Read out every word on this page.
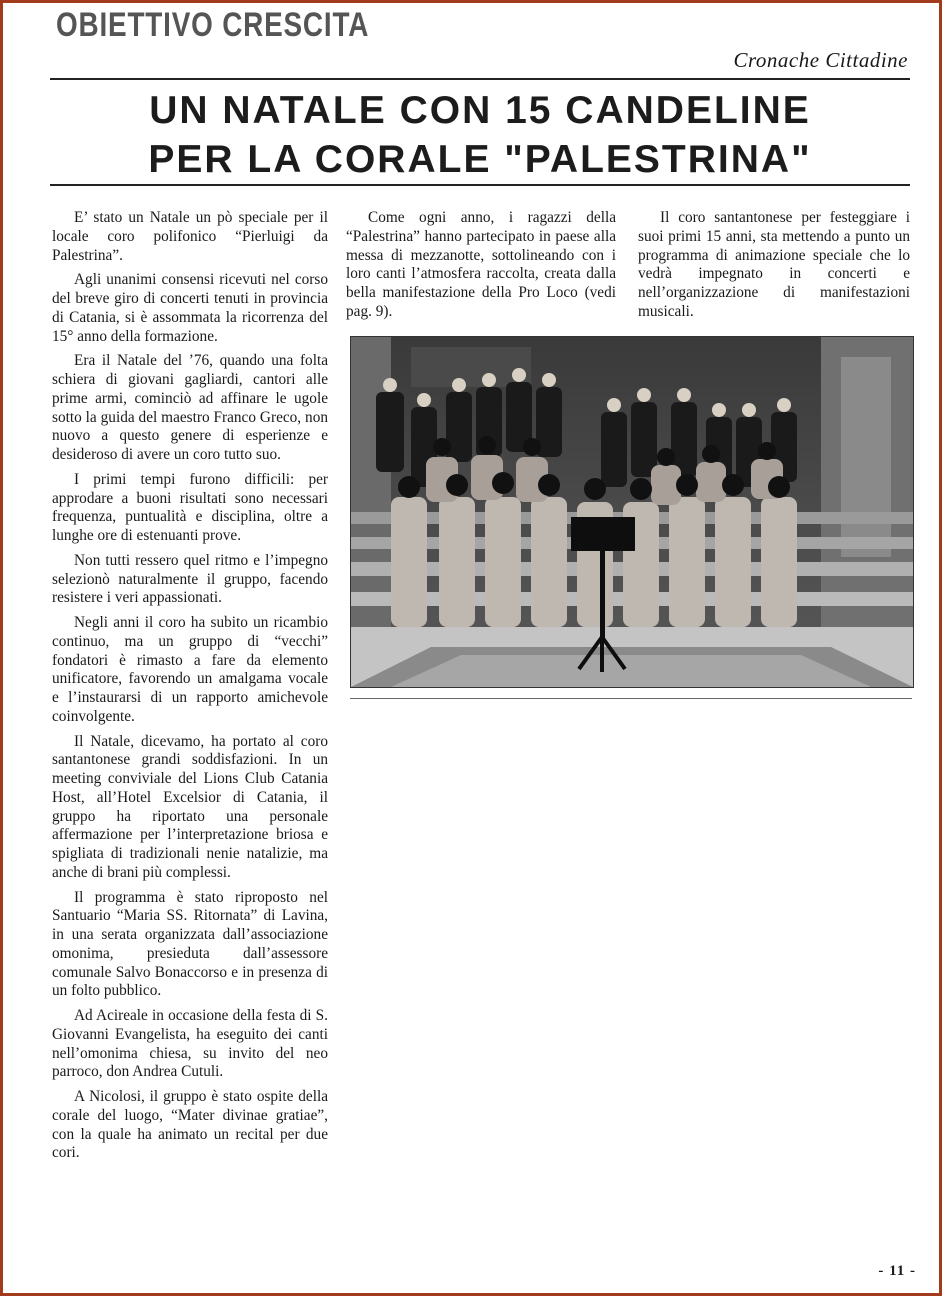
OBIETTIVO CRESCITA
Cronache Cittadine
UN NATALE CON 15 CANDELINE
PER LA CORALE "PALESTRINA"

E’ stato un Natale un pò speciale per il locale coro polifonico “Pierluigi da Palestrina”.

Agli unanimi consensi ricevuti nel corso del breve giro di concerti tenuti in provincia di Catania, si è assommata la ricorrenza del 15° anno della formazione.

Era il Natale del ’76, quando una folta schiera di giovani gagliardi, cantori alle prime armi, cominciò ad affinare le ugole sotto la guida del maestro Franco Greco, non nuovo a questo genere di esperienze e desideroso di avere un coro tutto suo.

I primi tempi furono difficili: per approdare a buoni risultati sono necessari frequenza, puntualità e disciplina, oltre a lunghe ore di estenuanti prove.

Non tutti ressero quel ritmo e l’impegno selezionò naturalmente il gruppo, facendo resistere i veri appassionati.

Negli anni il coro ha subito un ricambio continuo, ma un gruppo di “vecchi” fondatori è rimasto a fare da elemento unificatore, favorendo un amalgama vocale e l’instaurarsi di un rapporto amichevole coinvolgente.

Il Natale, dicevamo, ha portato al coro santantonese grandi soddisfazioni. In un meeting conviviale del Lions Club Catania Host, all’Hotel Excelsior di Catania, il gruppo ha riportato una personale affermazione per l’interpretazione briosa e spigliata di tradizionali nenie natalizie, ma anche di brani più complessi.

Il programma è stato riproposto nel Santuario “Maria SS. Ritornata” di Lavina, in una serata organizzata dall’associazione omonima, presieduta dall’assessore comunale Salvo Bonaccorso e in presenza di un folto pubblico.

Ad Acireale in occasione della festa di S. Giovanni Evangelista, ha eseguito dei canti nell’omonima chiesa, su invito del neo parroco, don Andrea Cutuli.

A Nicolosi, il gruppo è stato ospite della corale del luogo, “Mater divinae gratiae”, con la quale ha animato un recital per due cori.

Come ogni anno, i ragazzi della “Palestrina” hanno partecipato in paese alla messa di mezzanotte, sottolineando con i loro canti l’atmosfera raccolta, creata dalla bella manifestazione della Pro Loco (vedi pag. 9).

Il coro santantonese per festeggiare i suoi primi 15 anni, sta mettendo a punto un programma di animazione speciale che lo vedrà impegnato in concerti e nell’organizzazione di manifestazioni musicali.

- 11 -
